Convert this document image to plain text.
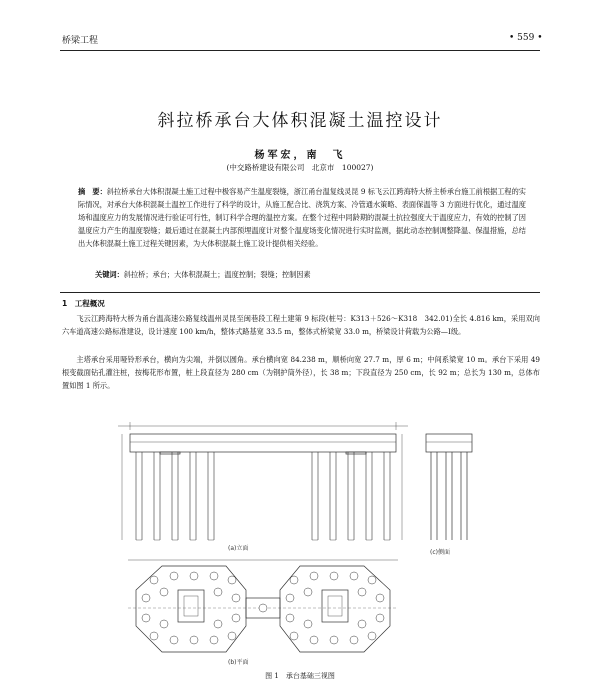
桥梁工程	• 559 •
斜拉桥承台大体积混凝土温控设计
杨军宏，南　飞
(中交路桥建设有限公司　北京市　100027)
摘　要：斜拉桥承台大体积混凝土施工过程中极容易产生温度裂缝，浙江甬台温复线灵昆 9 标飞云江跨海特大桥主桥承台施工前根据工程的实际情况，对承台大体积混凝土温控工作进行了科学的设计，从施工配合比、浇筑方案、冷管通水策略、表面保温等 3 方面进行优化，通过温度场和温度应力的发展情况进行验证可行性，制订科学合理的温控方案。在整个过程中同龄期的混凝土抗拉强度大于温度应力，有效的控制了因温度应力产生的温度裂缝；最后通过在混凝土内部预埋温度计对整个温度场变化情况进行实时监测，据此动态控制调整降温、保温措施，总结出大体积混凝土施工过程关键因素，为大体积混凝土施工设计提供相关经验。
关键词：斜拉桥；承台；大体积混凝土；温度控制；裂缝；控制因素
1　工程概况
飞云江跨海特大桥为甬台温高速公路复线温州灵昆至闽巷段工程土建第 9 标段(桩号：K313＋526～K318　342.01)全长 4.816 km，采用双向六车道高速公路标准建设，设计速度 100 km/h，整体式路基宽 33.5 m，整体式桥梁宽 33.0 m，桥梁设计荷载为公路—Ⅰ级。
主塔承台采用哑铃形承台，横向为尖端，并倒以圆角。承台横向宽 84.238 m，顺桥向宽 27.7 m，厚 6 m；中间系梁宽 10 m。承台下采用 49 根变截面钻孔灌注桩，按梅花形布置，桩上段直径为 280 cm（为钢护筒外径），长 38 m；下段直径为 250 cm，长 92 m；总长为 130 m，总体布置如图 1 所示。
(a)立面
(c)侧面
(b)平面
图 1　承台基础三视图
